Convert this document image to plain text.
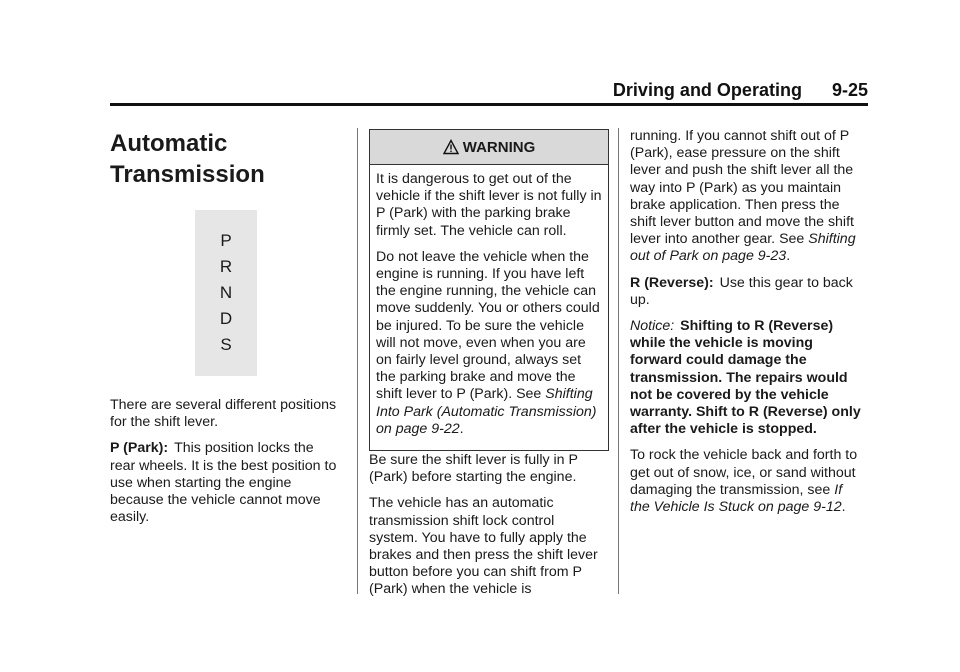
Driving and Operating 9-25
Automatic
Transmission
P
R
N
D
S

There are several different positions for the shift lever.

P (Park): This position locks the rear wheels. It is the best position to use when starting the engine because the vehicle cannot move easily.

WARNING

It is dangerous to get out of the vehicle if the shift lever is not fully in P (Park) with the parking brake firmly set. The vehicle can roll.

Do not leave the vehicle when the engine is running. If you have left the engine running, the vehicle can move suddenly. You or others could be injured. To be sure the vehicle will not move, even when you are on fairly level ground, always set the parking brake and move the shift lever to P (Park). See Shifting Into Park (Automatic Transmission) on page 9-22.

Be sure the shift lever is fully in P (Park) before starting the engine.

The vehicle has an automatic transmission shift lock control system. You have to fully apply the brakes and then press the shift lever button before you can shift from P (Park) when the vehicle is

running. If you cannot shift out of P (Park), ease pressure on the shift lever and push the shift lever all the way into P (Park) as you maintain brake application. Then press the shift lever button and move the shift lever into another gear. See Shifting out of Park on page 9-23.

R (Reverse): Use this gear to back up.

Notice: Shifting to R (Reverse) while the vehicle is moving forward could damage the transmission. The repairs would not be covered by the vehicle warranty. Shift to R (Reverse) only after the vehicle is stopped.

To rock the vehicle back and forth to get out of snow, ice, or sand without damaging the transmission, see If the Vehicle Is Stuck on page 9-12.
